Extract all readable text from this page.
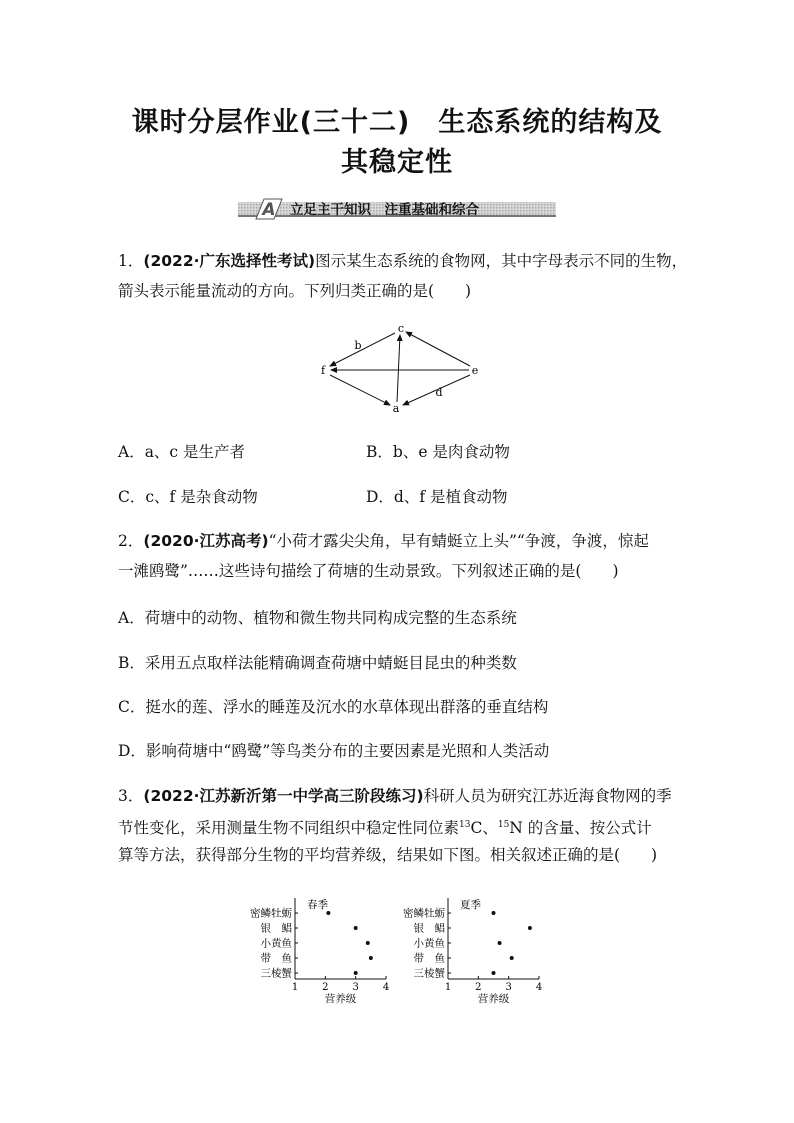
课时分层作业(三十二)　生态系统的结构及
其稳定性
A 立足主干知识　注重基础和综合
1．(2022·广东选择性考试)图示某生态系统的食物网，其中字母表示不同的生物，
箭头表示能量流动的方向。下列归类正确的是(　　)
c
b
f	e
d
a
A．a、c 是生产者	B．b、e 是肉食动物
C．c、f 是杂食动物	D．d、f 是植食动物
2．(2020·江苏高考)“小荷才露尖尖角，早有蜻蜓立上头”“争渡，争渡，惊起
一滩鸥鹭”……这些诗句描绘了荷塘的生动景致。下列叙述正确的是(　　)
A．荷塘中的动物、植物和微生物共同构成完整的生态系统
B．采用五点取样法能精确调查荷塘中蜻蜓目昆虫的种类数
C．挺水的莲、浮水的睡莲及沉水的水草体现出群落的垂直结构
D．影响荷塘中“鸥鹭”等鸟类分布的主要因素是光照和人类活动
3．(2022·江苏新沂第一中学高三阶段练习)科研人员为研究江苏近海食物网的季
节性变化，采用测量生物不同组织中稳定性同位素$^{13}$C、$^{15}$N 的含量、按公式计
算等方法，获得部分生物的平均营养级，结果如下图。相关叙述正确的是(　　)
春季
1 2 3 4
营养级
密鳞牡蛎
银　鲳
小黄鱼
带　鱼
三棱蟹
夏季
1 2 3 4
营养级
密鳞牡蛎
银　鲳
小黄鱼
带　鱼
三棱蟹
